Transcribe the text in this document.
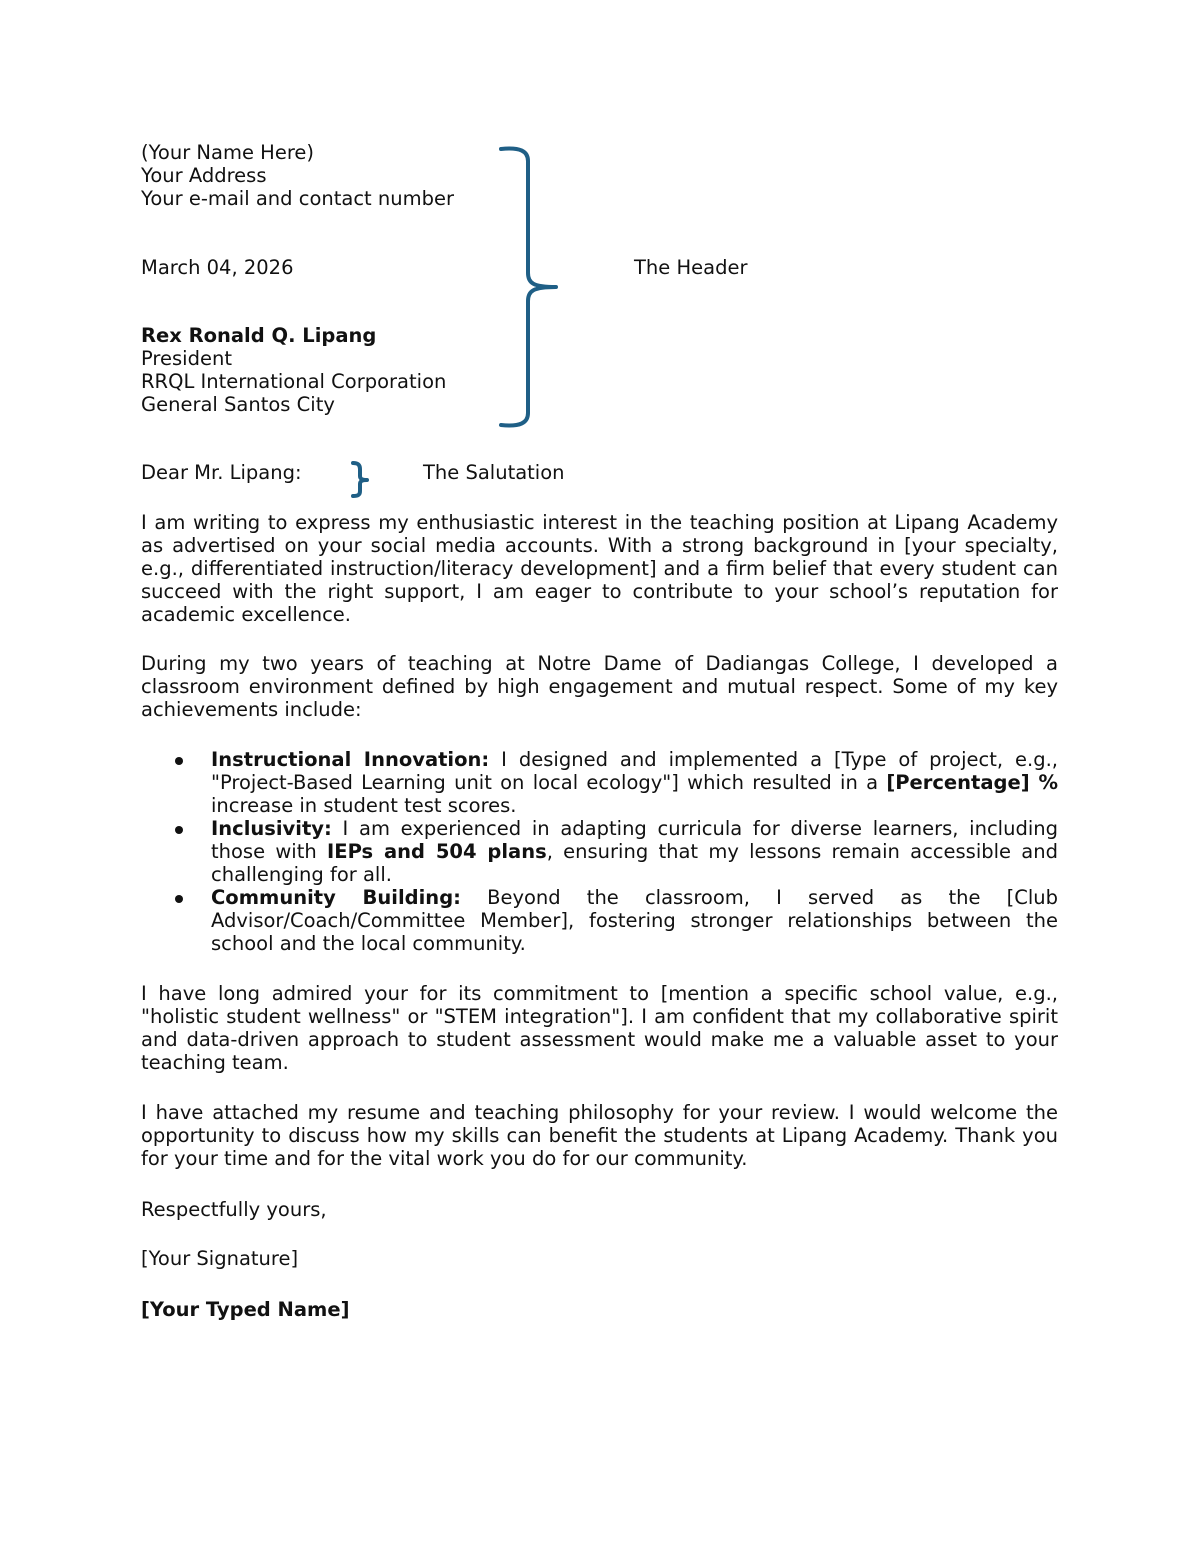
(Your Name Here)
Your Address
Your e-mail and contact number
March 04, 2026
Rex Ronald Q. Lipang
President
RRQL International Corporation
General Santos City
The Header
Dear Mr. Lipang:	The Salutation
I am writing to express my enthusiastic interest in the teaching position at Lipang Academy as advertised on your social media accounts. With a strong background in [your specialty, e.g., differentiated instruction/literacy development] and a firm belief that every student can succeed with the right support, I am eager to contribute to your school’s reputation for academic excellence.
During my two years of teaching at Notre Dame of Dadiangas College, I developed a classroom environment defined by high engagement and mutual respect. Some of my key achievements include:
Instructional Innovation: I designed and implemented a [Type of project, e.g., "Project-Based Learning unit on local ecology"] which resulted in a [Percentage] % increase in student test scores.
Inclusivity: I am experienced in adapting curricula for diverse learners, including those with IEPs and 504 plans, ensuring that my lessons remain accessible and challenging for all.
Community Building: Beyond the classroom, I served as the [Club Advisor/Coach/Committee Member], fostering stronger relationships between the school and the local community.
I have long admired your for its commitment to [mention a specific school value, e.g., "holistic student wellness" or "STEM integration"]. I am confident that my collaborative spirit and data-driven approach to student assessment would make me a valuable asset to your teaching team.
I have attached my resume and teaching philosophy for your review. I would welcome the opportunity to discuss how my skills can benefit the students at Lipang Academy. Thank you for your time and for the vital work you do for our community.
Respectfully yours,
[Your Signature]
[Your Typed Name]
